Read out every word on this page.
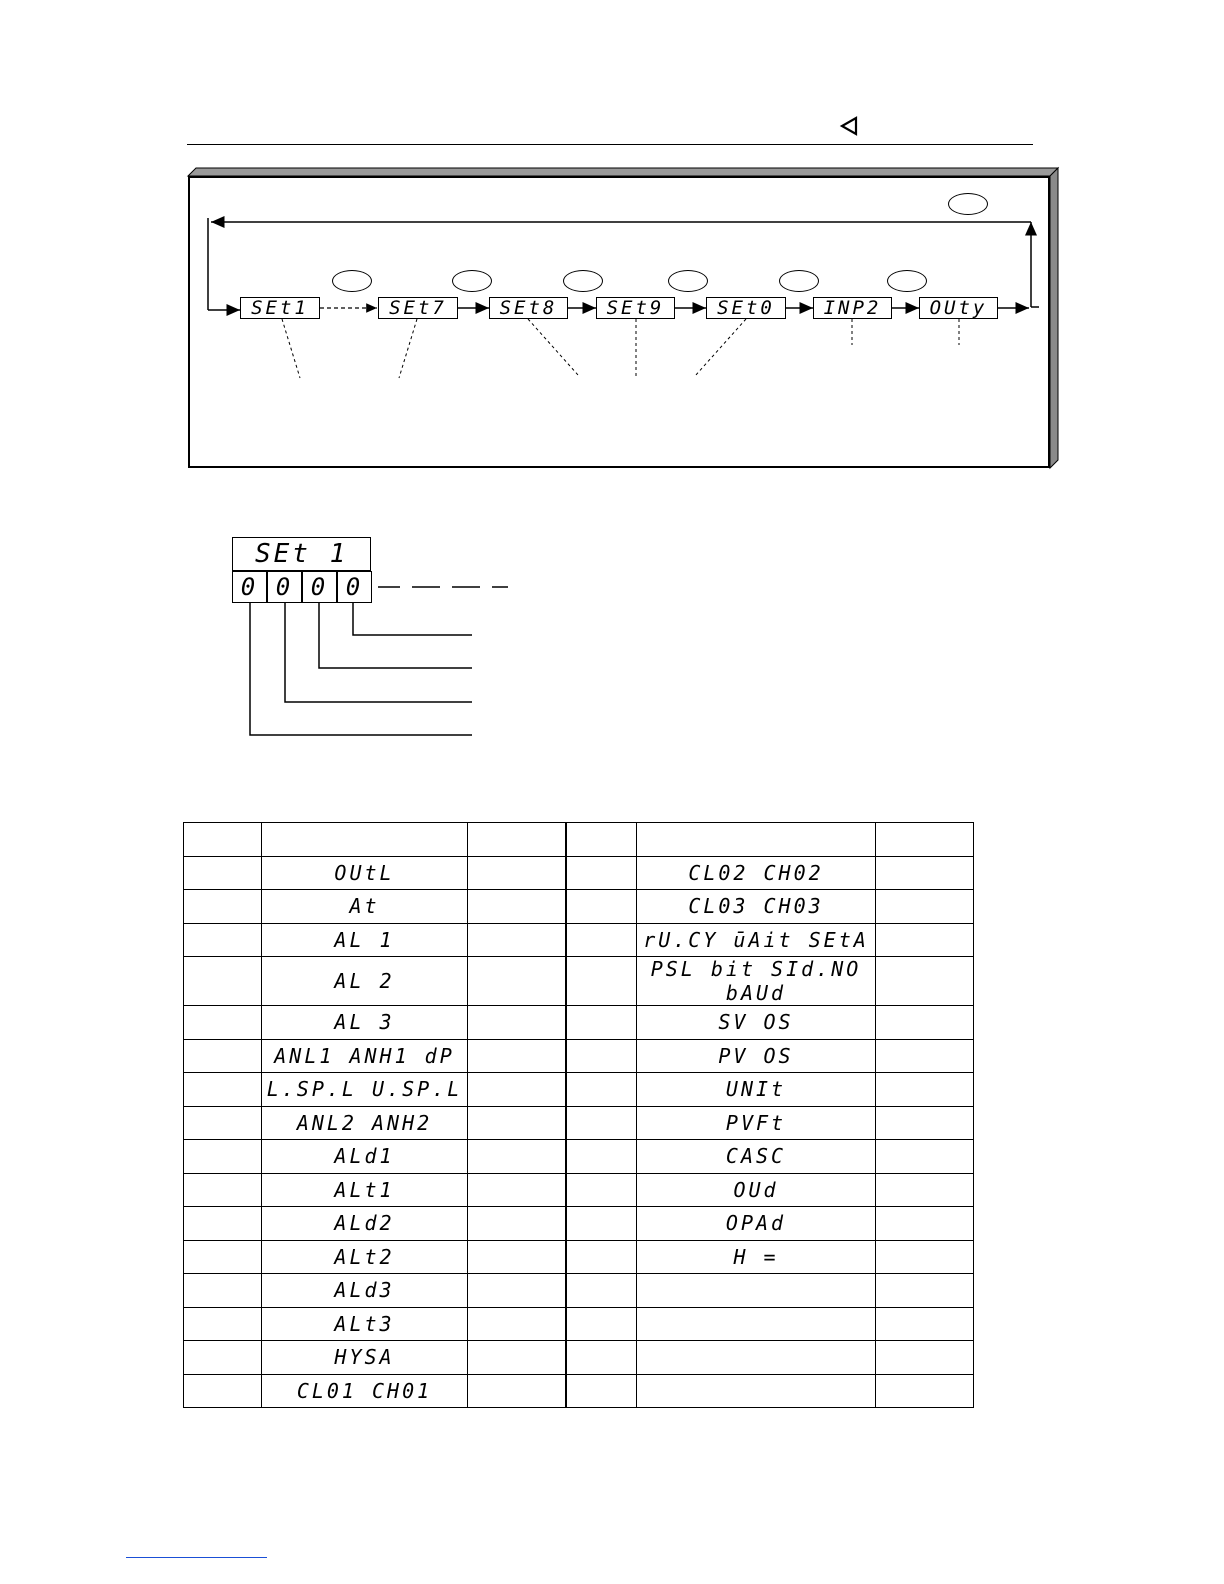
SEt1	SEt7	SEt8	SEt9	SEt0	INP2	OUty
SEt 1
0 0 0 0

	OUtL			CL02 CH02	
	At			CL03 CH03	
	AL 1			rU.CY ūAit SEtA	
	AL 2			PSL bit SId.NO bAUd	
	AL 3			SV OS	
	ANL1 ANH1 dP			PV OS	
	L.SP.L U.SP.L			UNIt	
	ANL2 ANH2			PVFt	
	ALd1			CASC	
	ALt1			OUd	
	ALd2			OPAd	
	ALt2			H =	
	ALd3				
	ALt3				
	HYSA				
	CL01 CH01				
